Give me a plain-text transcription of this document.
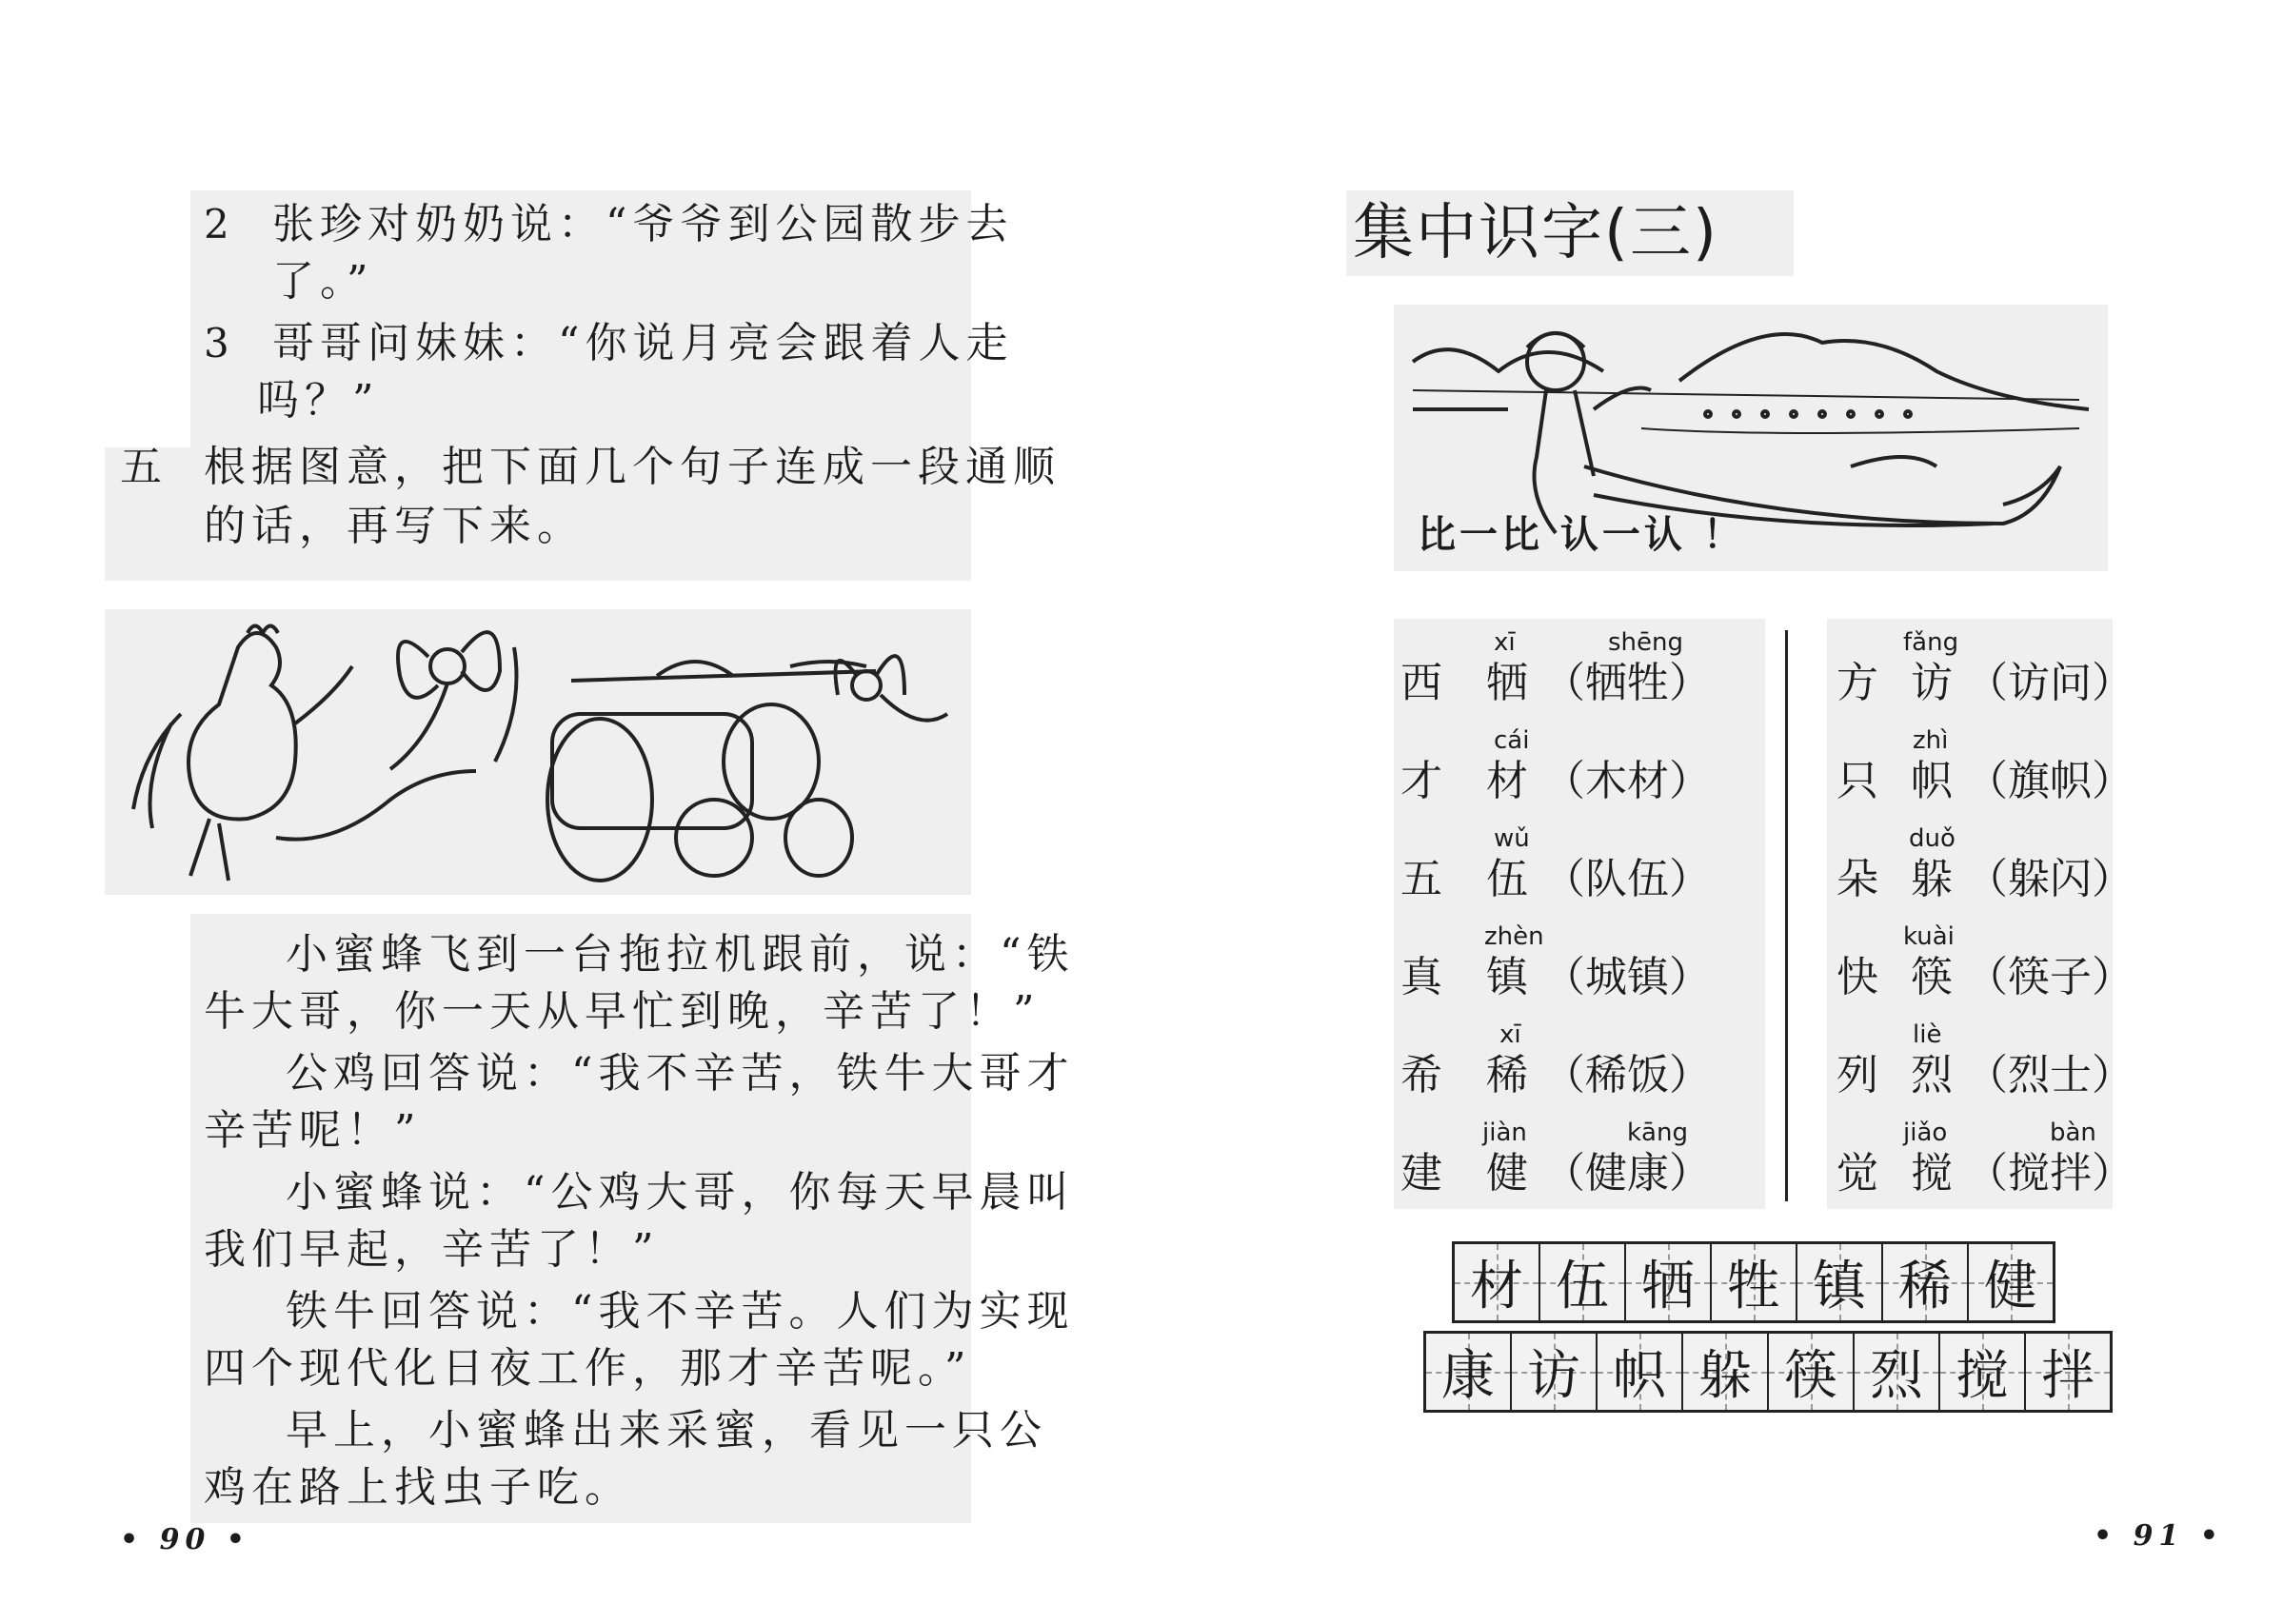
2 张珍对奶奶说：“爷爷到公园散步去
了。”
3 哥哥问妹妹：“你说月亮会跟着人走
吗？”
五 根据图意，把下面几个句子连成一段通顺
的话，再写下来。
小蜜蜂飞到一台拖拉机跟前，说：“铁
牛大哥，你一天从早忙到晚，辛苦了！”
公鸡回答说：“我不辛苦，铁牛大哥才
辛苦呢！”
小蜜蜂说：“公鸡大哥，你每天早晨叫
我们早起，辛苦了！”
铁牛回答说：“我不辛苦。人们为实现
四个现代化日夜工作，那才辛苦呢。”
早上，小蜜蜂出来采蜜，看见一只公
鸡在路上找虫子吃。
• 90 •
集中识字(三)
比一比 认一认 ！
xī	shēng
西 牺 （牺牲）
cái
才 材 （木材）
wǔ
五 伍 （队伍）
zhèn
真 镇 （城镇）
xī
希 稀 （稀饭）
jiàn	kāng
建 健 （健康）
fǎng
方 访 （访问）
zhì
只 帜 （旗帜）
duǒ
朵 躲 （躲闪）
kuài
快 筷 （筷子）
liè
列 烈 （烈士）
jiǎo	bàn
觉 搅 （搅拌）
材 伍 牺 牲 镇 稀 健
康 访 帜 躲 筷 烈 搅 拌
• 91 •
